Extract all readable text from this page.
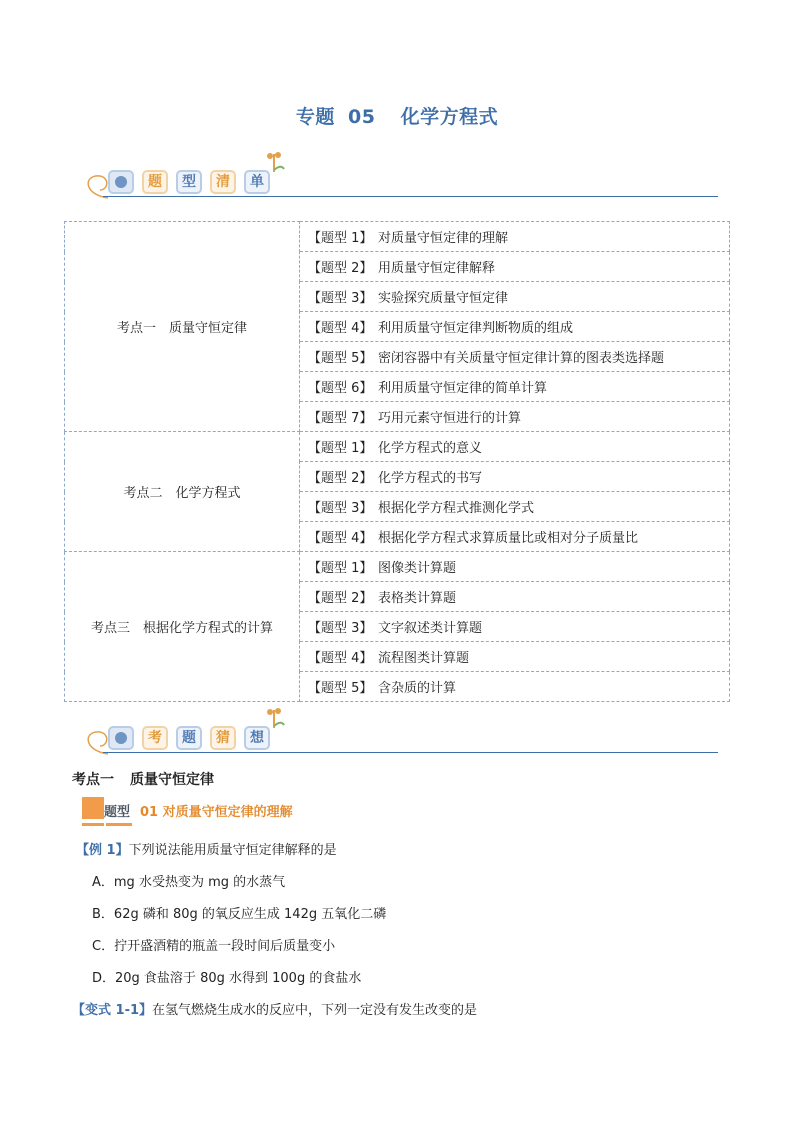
专题 05 化学方程式
题	型	清	单
考点一　质量守恒定律	【题型 1】 对质量守恒定律的理解
	【题型 2】 用质量守恒定律解释
	【题型 3】 实验探究质量守恒定律
	【题型 4】 利用质量守恒定律判断物质的组成
	【题型 5】 密闭容器中有关质量守恒定律计算的图表类选择题
	【题型 6】 利用质量守恒定律的简单计算
	【题型 7】 巧用元素守恒进行的计算
考点二　化学方程式	【题型 1】 化学方程式的意义
	【题型 2】 化学方程式的书写
	【题型 3】 根据化学方程式推测化学式
	【题型 4】 根据化学方程式求算质量比或相对分子质量比
考点三　根据化学方程式的计算	【题型 1】 图像类计算题
	【题型 2】 表格类计算题
	【题型 3】 文字叙述类计算题
	【题型 4】 流程图类计算题
	【题型 5】 含杂质的计算
考	题	猜	想
考点一 质量守恒定律
题型 01 对质量守恒定律的理解
【例 1】下列说法能用质量守恒定律解释的是
A．mg 水受热变为 mg 的水蒸气
B．62g 磷和 80g 的氧反应生成 142g 五氧化二磷
C．拧开盛酒精的瓶盖一段时间后质量变小
D．20g 食盐溶于 80g 水得到 100g 的食盐水
【变式 1-1】在氢气燃烧生成水的反应中，下列一定没有发生改变的是
